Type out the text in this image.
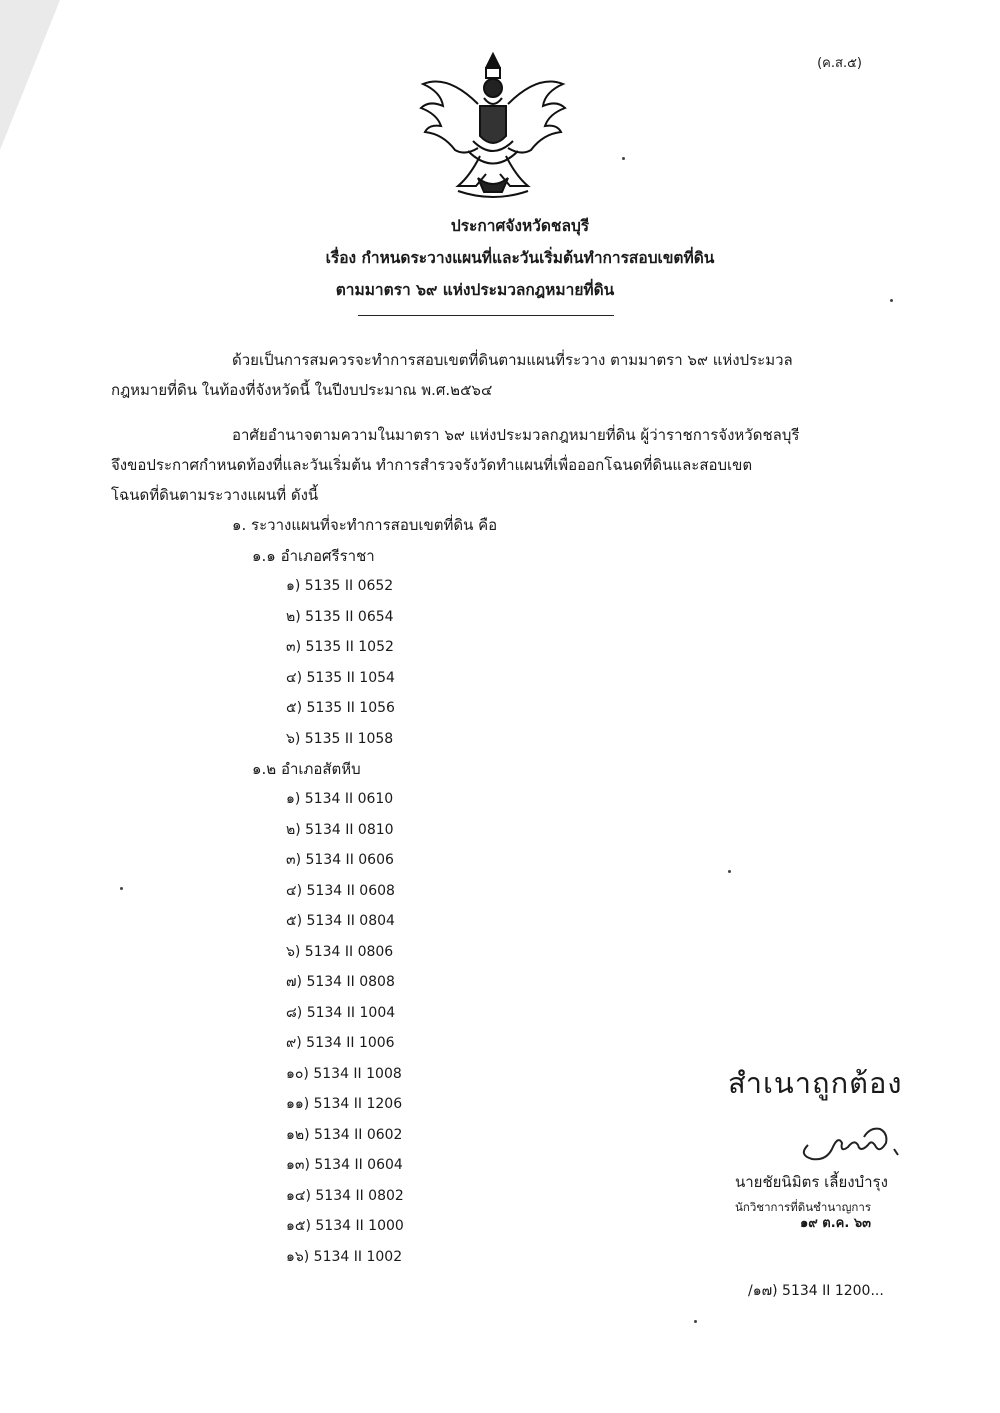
(ค.ส.๕)
ประกาศจังหวัดชลบุรี
เรื่อง กำหนดระวางแผนที่และวันเริ่มต้นทำการสอบเขตที่ดิน
ตามมาตรา ๖๙ แห่งประมวลกฎหมายที่ดิน
ด้วยเป็นการสมควรจะทำการสอบเขตที่ดินตามแผนที่ระวาง ตามมาตรา ๖๙ แห่งประมวล
กฎหมายที่ดิน ในท้องที่จังหวัดนี้ ในปีงบประมาณ พ.ศ.๒๕๖๔
อาศัยอำนาจตามความในมาตรา ๖๙ แห่งประมวลกฎหมายที่ดิน ผู้ว่าราชการจังหวัดชลบุรี
จึงขอประกาศกำหนดท้องที่และวันเริ่มต้น ทำการสำรวจรังวัดทำแผนที่เพื่อออกโฉนดที่ดินและสอบเขต
โฉนดที่ดินตามระวางแผนที่ ดังนี้
๑. ระวางแผนที่จะทำการสอบเขตที่ดิน คือ
๑.๑ อำเภอศรีราชา
๑) 5135 II 0652
๒) 5135 II 0654
๓) 5135 II 1052
๔) 5135 II 1054
๕) 5135 II 1056
๖) 5135 II 1058
๑.๒ อำเภอสัตหีบ
๑) 5134 II 0610
๒) 5134 II 0810
๓) 5134 II 0606
๔) 5134 II 0608
๕) 5134 II 0804
๖) 5134 II 0806
๗) 5134 II 0808
๘) 5134 II 1004
๙) 5134 II 1006
๑๐) 5134 II 1008
๑๑) 5134 II 1206
๑๒) 5134 II 0602
๑๓) 5134 II 0604
๑๔) 5134 II 0802
๑๕) 5134 II 1000
๑๖) 5134 II 1002
สำเนาถูกต้อง
นายชัยนิมิตร เลี้ยงบำรุง
นักวิชาการที่ดินชำนาญการ
๑๙ ต.ค. ๖๓
/๑๗) 5134 II 1200...
